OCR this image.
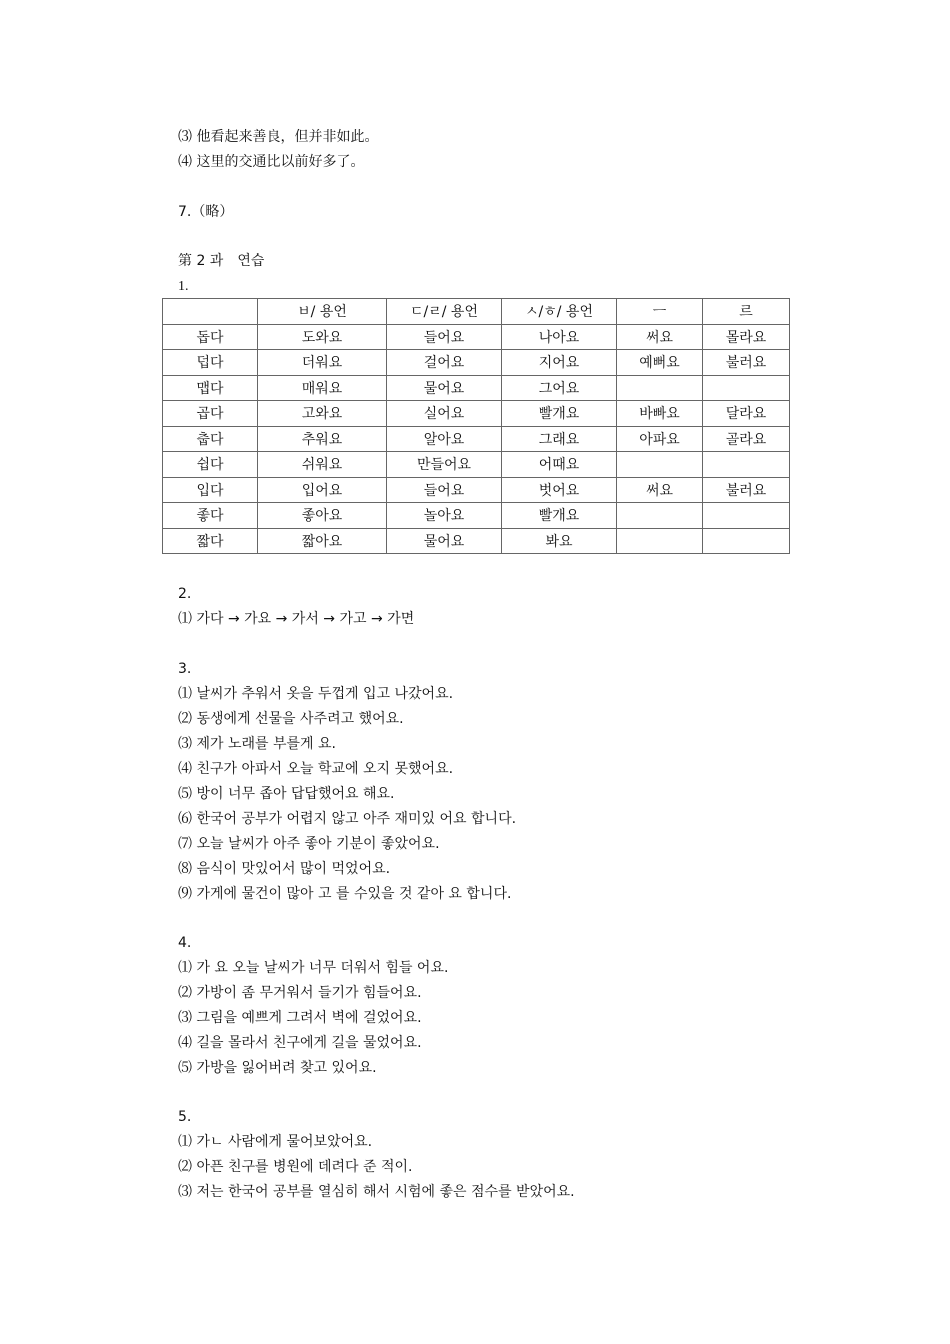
⑶ 他看起来善良，但并非如此。
⑷ 这里的交通比以前好多了。
7.（略）
第 2 과　연습
1.
	ㅂ/ 용언	ㄷ/ㄹ/ 용언	ㅅ/ㅎ/ 용언	ㅡ	르
돕다	도와요	들어요	나아요	써요	몰라요
덥다	더워요	걸어요	지어요	예뻐요	불러요
맵다	매워요	물어요	그어요		
곱다	고와요	실어요	빨개요	바빠요	달라요
춥다	추워요	알아요	그래요	아파요	골라요
쉽다	쉬워요	만들어요	어때요		
입다	입어요	들어요	벗어요	써요	불러요
좋다	좋아요	놀아요	빨개요		
짧다	짧아요	물어요	봐요		
2.
⑴ 가다 → 가요 → 가서 → 가고 → 가면
3.
⑴ 날씨가 추워서 옷을 두껍게 입고 나갔어요.
⑵ 동생에게 선물을 사주려고 했어요.
⑶ 제가 노래를 부를게 요.
⑷ 친구가 아파서 오늘 학교에 오지 못했어요.
⑸ 방이 너무 좁아 답답했어요 해요.
⑹ 한국어 공부가 어렵지 않고 아주 재미있 어요 합니다.
⑺ 오늘 날씨가 아주 좋아 기분이 좋았어요.
⑻ 음식이 맛있어서 많이 먹었어요.
⑼ 가게에 물건이 많아 고 를 수있을 것 같아 요 합니다.
4.
⑴ 가 요 오늘 날씨가 너무 더워서 힘들 어요.
⑵ 가방이 좀 무거워서 들기가 힘들어요.
⑶ 그림을 예쁘게 그려서 벽에 걸었어요.
⑷ 길을 몰라서 친구에게 길을 물었어요.
⑸ 가방을 잃어버려 찾고 있어요.
5.
⑴ 가ㄴ 사람에게 물어보았어요.
⑵ 아픈 친구를 병원에 데려다 준 적이.
⑶ 저는 한국어 공부를 열심히 해서 시험에 좋은 점수를 받았어요.
